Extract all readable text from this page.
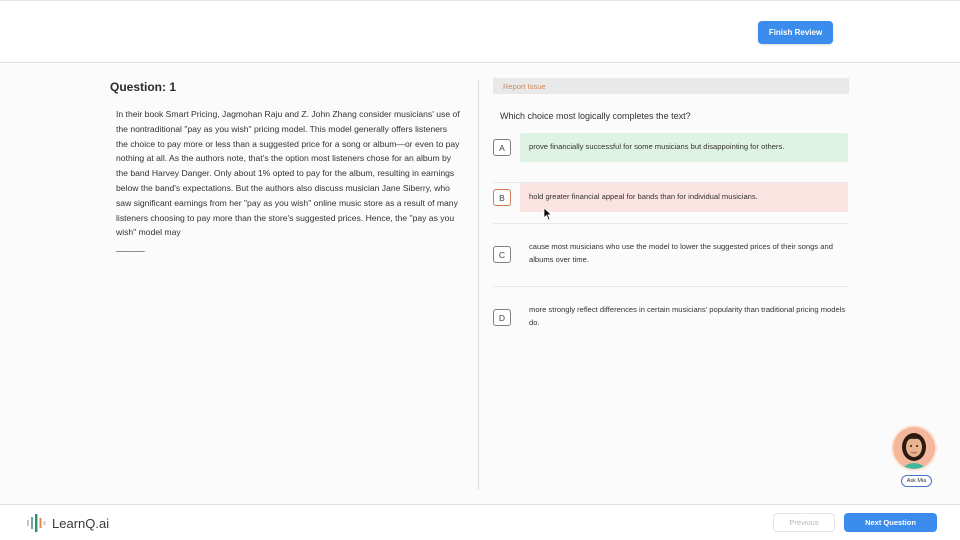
Finish Review
Question: 1
In their book Smart Pricing, Jagmohan Raju and Z. John Zhang consider musicians' use of the nontraditional "pay as you wish" pricing model. This model generally offers listeners the choice to pay more or less than a suggested price for a song or album—or even to pay nothing at all. As the authors note, that's the option most listeners chose for an album by the band Harvey Danger. Only about 1% opted to pay for the album, resulting in earnings below the band's expectations. But the authors also discuss musician Jane Siberry, who saw significant earnings from her "pay as you wish" online music store as a result of many listeners choosing to pay more than the store's suggested prices. Hence, the "pay as you wish" model may
______
Report Issue
Which choice most logically completes the text?
A	prove financially successful for some musicians but disappointing for others.
B	hold greater financial appeal for bands than for individual musicians.
C
cause most musicians who use the model to lower the suggested prices of their songs and albums over time.
D
more strongly reflect differences in certain musicians' popularity than traditional pricing models do.
Ask Mia
LearnQ.ai	Previous	Next Question
